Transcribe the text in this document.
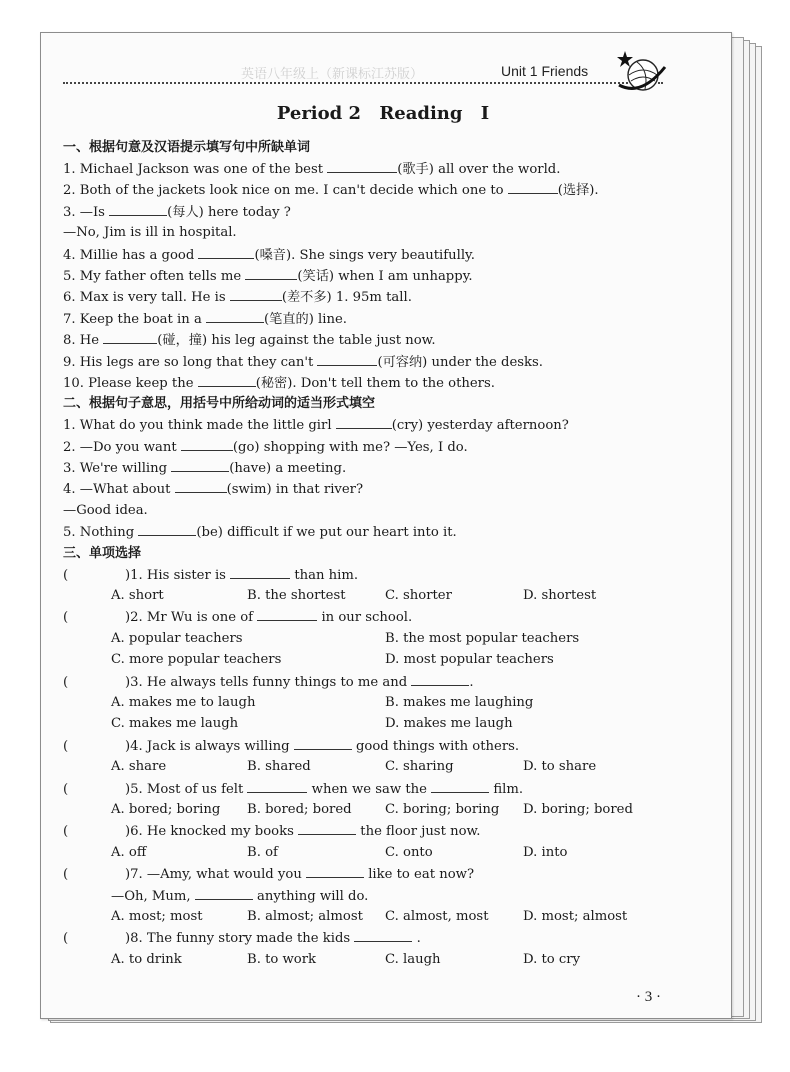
英语八年级上（新课标江苏版）	Unit 1 Friends
Period 2 Reading Ⅰ
一、根据句意及汉语提示填写句中所缺单词
1. Michael Jackson was one of the best	(歌手) all over the world.
2. Both of the jackets look nice on me. I can't decide which one to	(选择).
3. —Is	(每人) here today ?
—No, Jim is ill in hospital.
4. Millie has a good	(嗓音). She sings very beautifully.
5. My father often tells me	(笑话) when I am unhappy.
6. Max is very tall. He is	(差不多) 1. 95m tall.
7. Keep the boat in a	(笔直的) line.
8. He	(碰，撞) his leg against the table just now.
9. His legs are so long that they can't	(可容纳) under the desks.
10. Please keep the	(秘密). Don't tell them to the others.
二、根据句子意思，用括号中所给动词的适当形式填空
1. What do you think made the little girl	(cry) yesterday afternoon?
2. —Do you want	(go) shopping with me? —Yes, I do.
3. We're willing	(have) a meeting.
4. —What about	(swim) in that river?
—Good idea.
5. Nothing	(be) difficult if we put our heart into it.
三、单项选择
(	)1. His sister is	than him.
A. short	B. the shortest	C. shorter	D. shortest
(	)2. Mr Wu is one of	in our school.
A. popular teachers	B. the most popular teachers
C. more popular teachers	D. most popular teachers
(	)3. He always tells funny things to me and	.
A. makes me to laugh	B. makes me laughing
C. makes me laugh	D. makes me laugh
(	)4. Jack is always willing	good things with others.
A. share	B. shared	C. sharing	D. to share
(	)5. Most of us felt	when we saw the	film.
A. bored; boring B. bored; bored	C. boring; boring D. boring; bored
(	)6. He knocked my books	the floor just now.
A. off	B. of	C. onto	D. into
(	)7. —Amy, what would you	like to eat now?
—Oh, Mum,	anything will do.
A. most; most	B. almost; almost C. almost, most	D. most; almost
(	)8. The funny story made the kids	.
A. to drink	B. to work	C. laugh	D. to cry
· 3 ·
